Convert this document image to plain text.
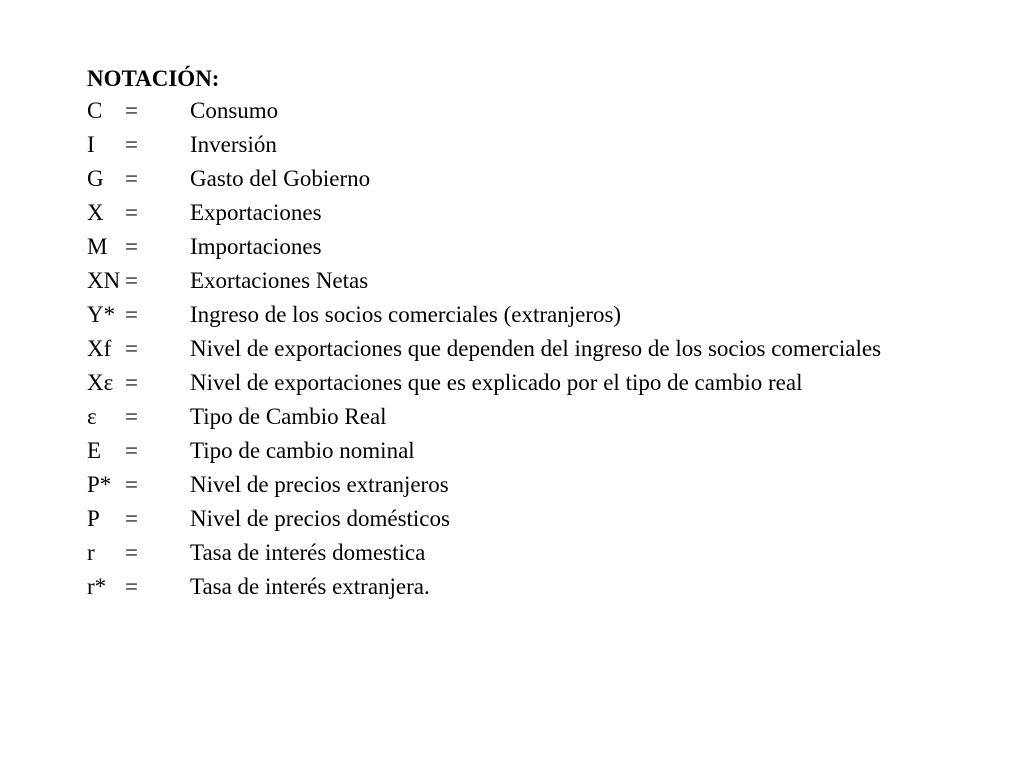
NOTACIÓN:
C =	Consumo
I	=	Inversión
G =	Gasto del Gobierno
X =	Exportaciones
M =	Importaciones
XN =	Exortaciones Netas
Y* =	Ingreso de los socios comerciales (extranjeros)
Xf =	Nivel de exportaciones que dependen del ingreso de los socios comerciales
Xε =	Nivel de exportaciones que es explicado por el tipo de cambio real
ε	=	Tipo de Cambio Real
E	=	Tipo de cambio nominal
P* =	Nivel de precios extranjeros
P	=	Nivel de precios domésticos
r	=	Tasa de interés domestica
r* =	Tasa de interés extranjera.
